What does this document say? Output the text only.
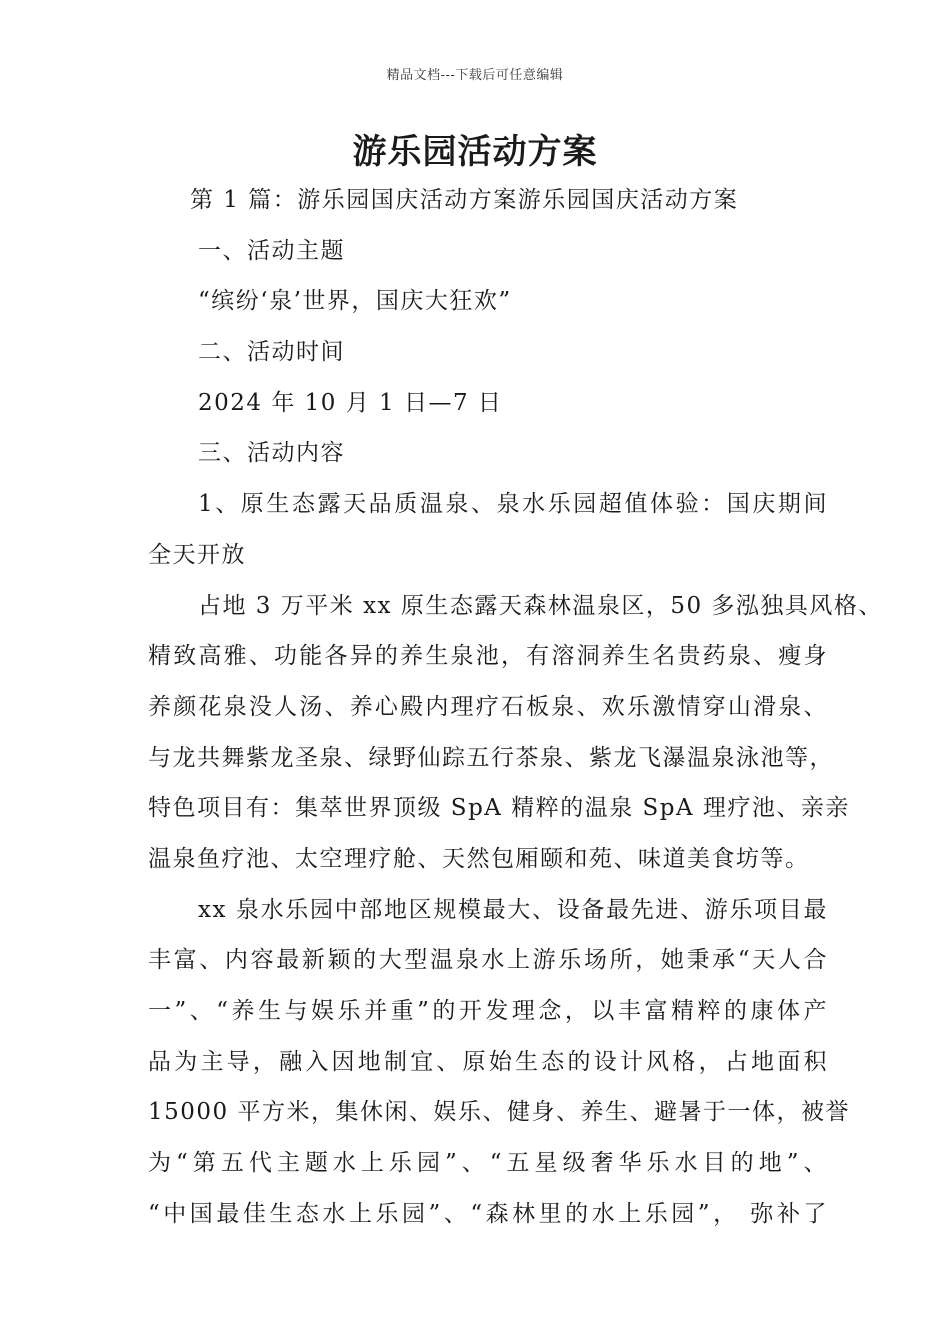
精品文档---下载后可任意编辑
游乐园活动方案
第 1 篇：游乐园国庆活动方案游乐园国庆活动方案
一、活动主题
“缤纷‘泉’世界，国庆大狂欢”
二、活动时间
2024 年 10 月 1 日—7 日
三、活动内容
1、原生态露天品质温泉、泉水乐园超值体验：国庆期间
全天开放
占地 3 万平米 xx 原生态露天森林温泉区，50 多泓独具风格、
精致高雅、功能各异的养生泉池，有溶洞养生名贵药泉、瘦身
养颜花泉没人汤、养心殿内理疗石板泉、欢乐激情穿山滑泉、
与龙共舞紫龙圣泉、绿野仙踪五行茶泉、紫龙飞瀑温泉泳池等，
特色项目有：集萃世界顶级 SpA 精粹的温泉 SpA 理疗池、亲亲
温泉鱼疗池、太空理疗舱、天然包厢颐和苑、味道美食坊等。
xx 泉水乐园中部地区规模最大、设备最先进、游乐项目最
丰富、内容最新颖的大型温泉水上游乐场所，她秉承“天人合
一”、“养生与娱乐并重”的开发理念，以丰富精粹的康体产
品为主导，融入因地制宜、原始生态的设计风格，占地面积
15000 平方米，集休闲、娱乐、健身、养生、避暑于一体，被誉
为“第五代主题水上乐园”、“五星级奢华乐水目的地”、
“中国最佳生态水上乐园”、“森林里的水上乐园”， 弥补了
